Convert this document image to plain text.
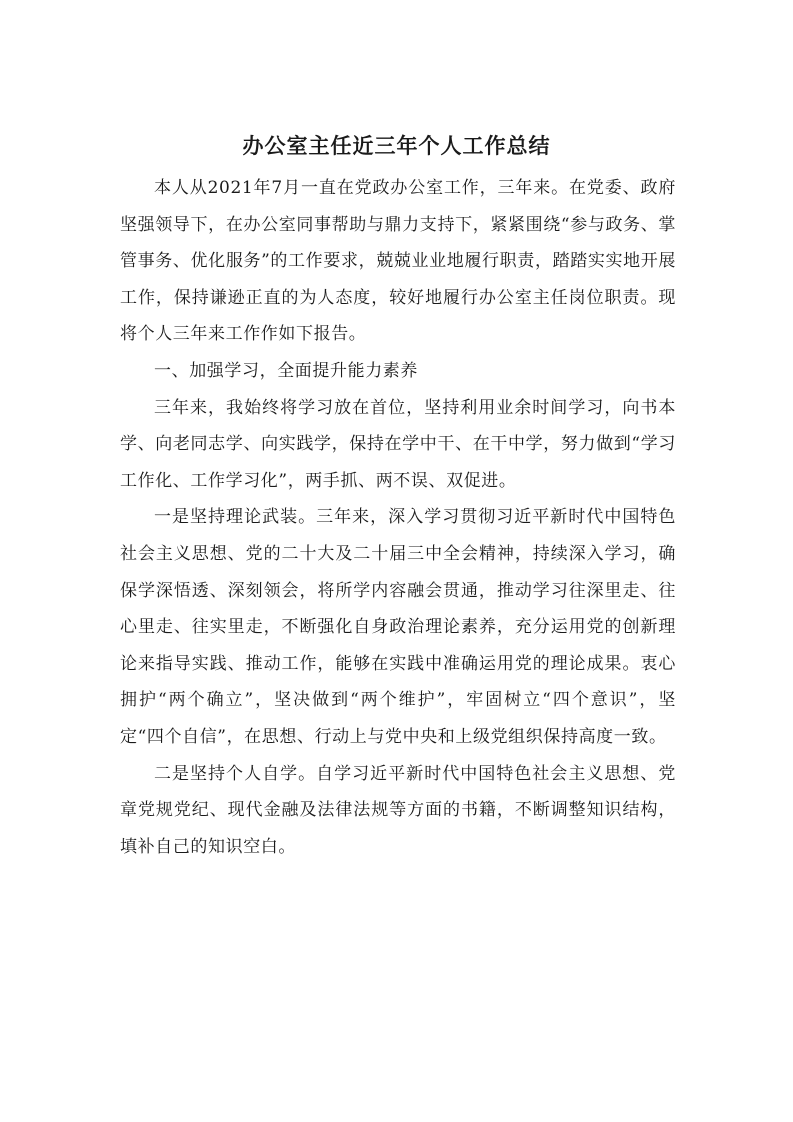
办公室主任近三年个人工作总结

本人从2021年7月一直在党政办公室工作，三年来。在党委、政府坚强领导下，在办公室同事帮助与鼎力支持下，紧紧围绕“参与政务、掌管事务、优化服务”的工作要求，兢兢业业地履行职责，踏踏实实地开展工作，保持谦逊正直的为人态度，较好地履行办公室主任岗位职责。现将个人三年来工作作如下报告。

一、加强学习，全面提升能力素养

三年来，我始终将学习放在首位，坚持利用业余时间学习，向书本学、向老同志学、向实践学，保持在学中干、在干中学，努力做到“学习工作化、工作学习化”，两手抓、两不误、双促进。

一是坚持理论武装。三年来，深入学习贯彻习近平新时代中国特色社会主义思想、党的二十大及二十届三中全会精神，持续深入学习，确保学深悟透、深刻领会，将所学内容融会贯通，推动学习往深里走、往心里走、往实里走，不断强化自身政治理论素养，充分运用党的创新理论来指导实践、推动工作，能够在实践中准确运用党的理论成果。衷心拥护“两个确立”，坚决做到“两个维护”，牢固树立“四个意识”，坚定“四个自信”，在思想、行动上与党中央和上级党组织保持高度一致。

二是坚持个人自学。自学习近平新时代中国特色社会主义思想、党章党规党纪、现代金融及法律法规等方面的书籍，不断调整知识结构，填补自己的知识空白。
